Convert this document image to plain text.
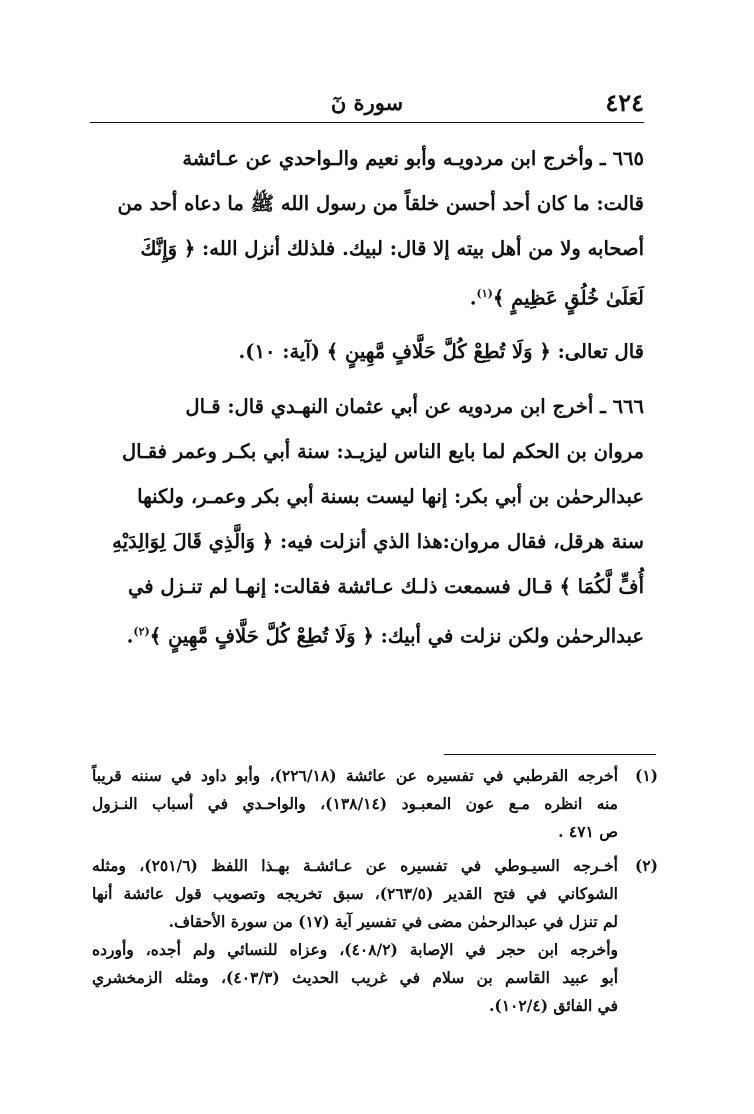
٤٢٤
سورة نٓ

٦٦٥ ـ وأخرج ابن مردويـه وأبو نعيم والـواحدي عن عـائشة

قالت: ما كان أحد أحسن خلقاً من رسول الله ﷺ ما دعاه أحد من

أصحابه ولا من أهل بيته إلا قال: لبيك. فلذلك أنزل الله: ﴿ وَإِنَّكَ

لَعَلَىٰ خُلُقٍ عَظِيمٍ ﴾$^{(١)}$.

قال تعالى: ﴿ وَلَا تُطِعْ كُلَّ حَلَّافٍ مَّهِينٍ ﴾ (آية: ١٠).

٦٦٦ ـ أخرج ابن مردويه عن أبي عثمان النهـدي قال: قـال

مروان بن الحكم لما بايع الناس ليزيـد: سنة أبي بكـر وعمر فقـال

عبدالرحمٰن بن أبي بكر: إنها ليست بسنة أبي بكر وعمـر، ولكنها

سنة هرقل، فقال مروان:هذا الذي أنزلت فيه: ﴿ وَالَّذِي قَالَ لِوَالِدَيْهِ

أُفٍّ لَّكُمَا ﴾ قـال فسمعت ذلـك عـائشة فقالت: إنهـا لم تنـزل في

عبدالرحمٰن ولكن نزلت في أبيك: ﴿ وَلَا تُطِعْ كُلَّ حَلَّافٍ مَّهِينٍ ﴾$^{(٢)}$.

(١)
أخرجه القرطبي في تفسيره عن عائشة (٢٢٦/١٨)، وأبو داود في سننه قريباً
منه انظره مـع عون المعبـود (١٣٨/١٤)، والواحـدي في أسباب النـزول
ص ٤٧١ .
(٢)
أخـرجه السيـوطي في تفسيره عن عـائشـة بهـذا اللفظ (٢٥١/٦)، ومثله
الشوكاني في فتح القدير (٢٦٣/٥)، سبق تخريجه وتصويب قول عائشة أنها
لم تنزل في عبدالرحمٰن مضى في تفسير آية (١٧) من سورة الأحقاف.
وأخرجه ابن حجر في الإصابة (٤٠٨/٢)، وعزاه للنسائي ولم أجده، وأورده
أبو عبيد القاسم بن سلام في غريب الحديث (٤٠٣/٣)، ومثله الزمخشري
في الفائق (١٠٢/٤).
